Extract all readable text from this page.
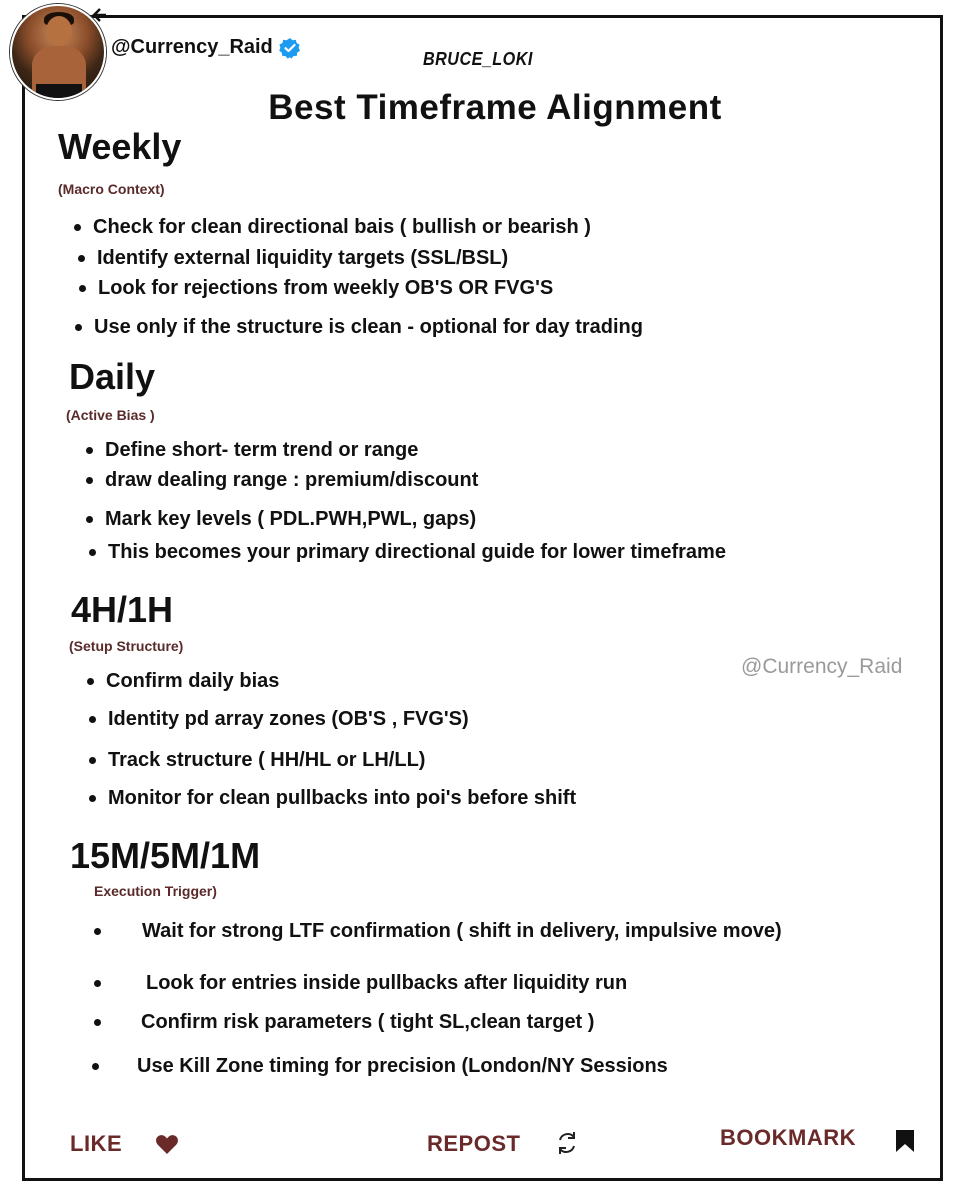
@Currency_Raid
BRUCE_LOKI
Best Timeframe Alignment
Weekly
(Macro Context)
Check for clean directional bais ( bullish or bearish )
Identify external liquidity targets (SSL/BSL)
Look for rejections from weekly OB'S OR FVG'S
Use only if the structure is clean - optional for day trading
Daily
(Active Bias )
Define short- term trend or range
draw dealing range : premium/discount
Mark key levels ( PDL.PWH,PWL, gaps)
This becomes your primary directional guide for lower timeframe
4H/1H
(Setup Structure)
Confirm daily bias
Identity pd array zones (OB'S , FVG'S)
Track structure ( HH/HL or LH/LL)
Monitor for clean pullbacks into poi's before shift
@Currency_Raid
15M/5M/1M
Execution Trigger)
Wait for strong LTF confirmation ( shift in delivery, impulsive move)
Look for entries inside pullbacks after liquidity run
Confirm risk parameters ( tight SL,clean target )
Use Kill Zone timing for precision (London/NY Sessions
LIKE	REPOST	BOOKMARK
